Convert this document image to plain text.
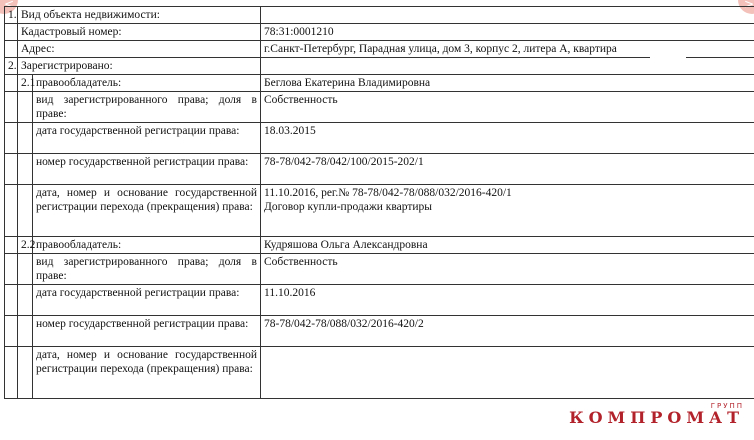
<	>
1.	Вид объекта недвижимости:		
	Кадастровый номер:		78:31:0001210
	Адрес:		г.Санкт-Петербург, Парадная улица, дом 3, корпус 2, литера А, квартира
2.	Зарегистрировано:		
	2.1	правообладатель:	Беглова Екатерина Владимировна
		вид зарегистрированного права; доля в праве:	Собственность
		дата государственной регистрации права:	18.03.2015
		номер государственной регистрации права:	78-78/042-78/042/100/2015-202/1
		дата, номер и основание государственной регистрации перехода (прекращения) права:	11.10.2016, рег.№ 78-78/042-78/088/032/2016-420/1
Договор купли-продажи квартиры

	2.2	правообладатель:	Кудряшова Ольга Александровна
		вид зарегистрированного права; доля в праве:	Собственность
		дата государственной регистрации права:	11.10.2016
		номер государственной регистрации права:	78-78/042-78/088/032/2016-420/2
		дата, номер и основание государственной регистрации перехода (прекращения) права:	
ГРУПП
КОМПРОМАТ
